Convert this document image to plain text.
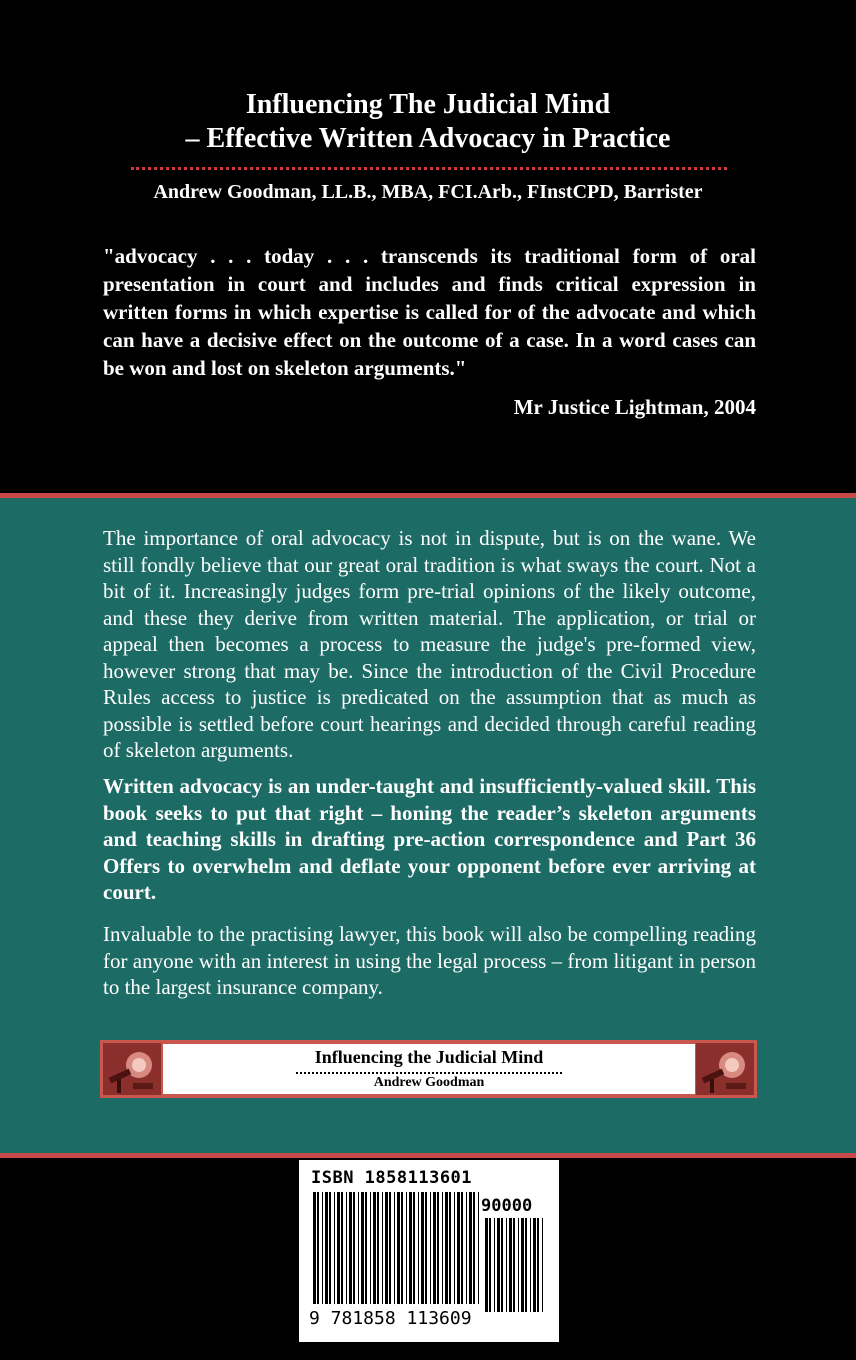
Influencing The Judicial Mind
– Effective Written Advocacy in Practice
Andrew Goodman, LL.B., MBA, FCI.Arb., FInstCPD, Barrister
"advocacy . . . today . . . transcends its traditional form of oral presentation in court and includes and finds critical expression in written forms in which expertise is called for of the advocate and which can have a decisive effect on the outcome of a case. In a word cases can be won and lost on skeleton arguments."
Mr Justice Lightman, 2004
The importance of oral advocacy is not in dispute, but is on the wane. We still fondly believe that our great oral tradition is what sways the court. Not a bit of it. Increasingly judges form pre-trial opinions of the likely outcome, and these they derive from written material. The application, or trial or appeal then becomes a process to measure the judge's pre-formed view, however strong that may be. Since the introduction of the Civil Procedure Rules access to justice is predicated on the assumption that as much as possible is settled before court hearings and decided through careful reading of skeleton arguments.
Written advocacy is an under-taught and insufficiently-valued skill. This book seeks to put that right – honing the reader’s skeleton arguments and teaching skills in drafting pre-action correspondence and Part 36 Offers to overwhelm and deflate your opponent before ever arriving at court.
Invaluable to the practising lawyer, this book will also be compelling reading for anyone with an interest in using the legal process – from litigant in person to the largest insurance company.
Influencing the Judicial Mind
Andrew Goodman
ISBN 1858113601
90000
9 781858 113609
